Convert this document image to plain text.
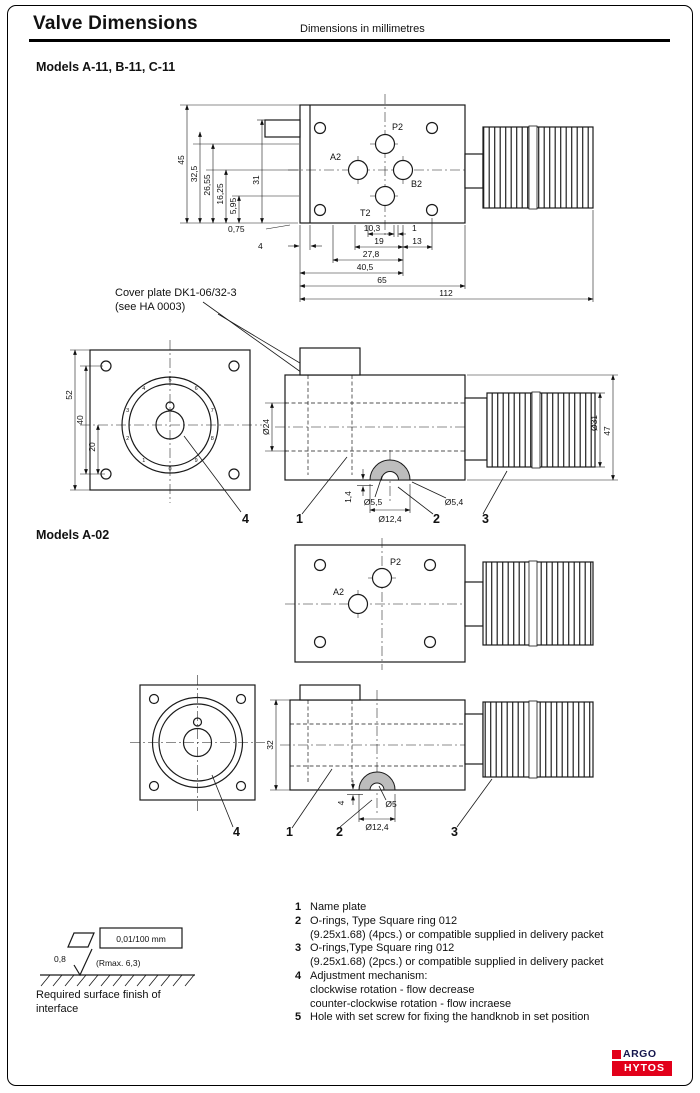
Valve Dimensions	Dimensions in millimetres
Models A-11, B-11, C-11
P2
A2
B2
T2
45
32,5
26,55 16,25
5,95
31
0,75
4
10,3	1
19	13
27,8
40,5
65
112
Cover plate DK1-06/32-3
(see HA 0003)
0
1
2
3
4
5
6
7
8
9
52
40
20
4
Ø24
1,4 Ø5,5	Ø5,4
Ø12,4
1	2
Ø31 47
3
Models A-02
P2
A2
4
32
4	Ø5
Ø12,4
1	2	3
0,01/100 mm
0,8	(Rmax. 6,3)
Required surface finish of
interface
1 Name plate
2 O-rings, Type Square ring 012
(9.25x1.68) (4pcs.) or compatible supplied in delivery packet
3 O-rings,Type Square ring 012
(9.25x1.68) (2pcs.) or compatible supplied in delivery packet
4 Adjustment mechanism:
clockwise rotation - flow decrease
counter-clockwise rotation - flow incraese
5 Hole with set screw for fixing the handknob in set position
ARGO
HYTOS
